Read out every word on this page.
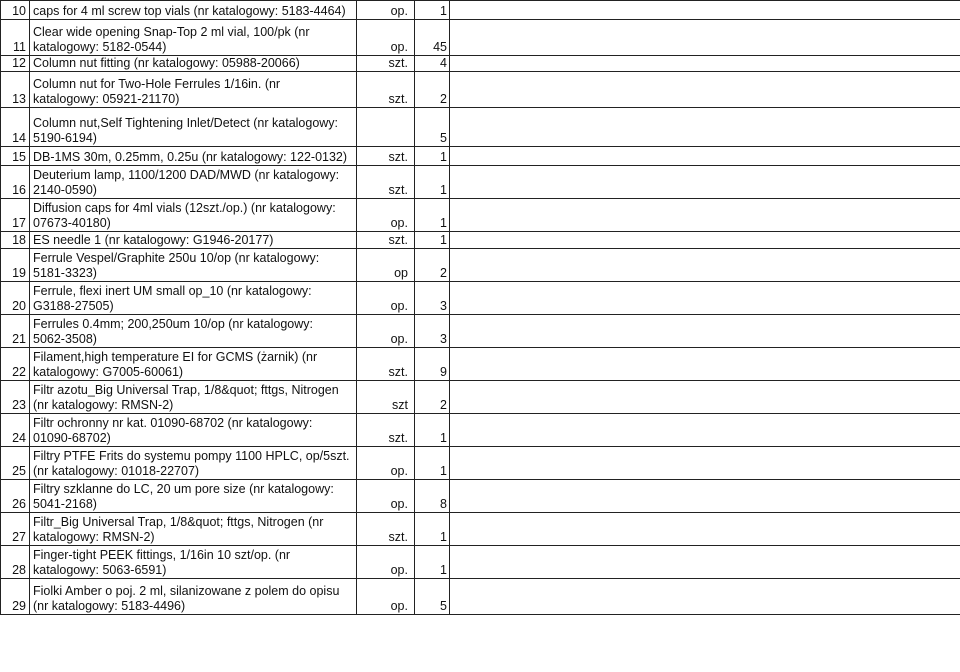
10	caps for 4 ml screw top vials (nr katalogowy: 5183-4464)	op.	1	
11	Clear wide opening Snap-Top 2 ml vial, 100/pk (nr
katalogowy: 5182-0544)	op.	45	
12	Column nut fitting (nr katalogowy: 05988-20066)	szt.	4	
13	Column nut for Two-Hole Ferrules 1/16in. (nr
katalogowy: 05921-21170)	szt.	2	
14	Column nut,Self Tightening Inlet/Detect (nr katalogowy:
5190-6194)		5	
15	DB-1MS 30m, 0.25mm, 0.25u (nr katalogowy: 122-0132)	szt.	1	
16	Deuterium lamp, 1100/1200 DAD/MWD (nr katalogowy:
2140-0590)	szt.	1	
17	Diffusion caps for 4ml vials (12szt./op.) (nr katalogowy:
07673-40180)	op.	1	
18	ES needle 1 (nr katalogowy: G1946-20177)	szt.	1	
19	Ferrule Vespel/Graphite 250u 10/op (nr katalogowy:
5181-3323)	op	2	
20	Ferrule, flexi inert UM small op_10 (nr katalogowy:
G3188-27505)	op.	3	
21	Ferrules 0.4mm; 200,250um 10/op (nr katalogowy:
5062-3508)	op.	3	
22	Filament,high temperature EI for GCMS (żarnik) (nr
katalogowy: G7005-60061)	szt.	9	
23	Filtr azotu_Big Universal Trap, 1/8&quot; fttgs, Nitrogen
(nr katalogowy: RMSN-2)	szt	2	
24	Filtr ochronny nr kat. 01090-68702 (nr katalogowy:
01090-68702)	szt.	1	
25	Filtry PTFE Frits do systemu pompy 1100 HPLC, op/5szt.
(nr katalogowy: 01018-22707)	op.	1	
26	Filtry szklanne do LC, 20 um pore size (nr katalogowy:
5041-2168)	op.	8	
27	Filtr_Big Universal Trap, 1/8&quot; fttgs, Nitrogen (nr
katalogowy: RMSN-2)	szt.	1	
28	Finger-tight PEEK fittings, 1/16in 10 szt/op. (nr
katalogowy: 5063-6591)	op.	1	
29	Fiolki Amber o poj. 2 ml, silanizowane z polem do opisu
(nr katalogowy: 5183-4496)	op.	5	
